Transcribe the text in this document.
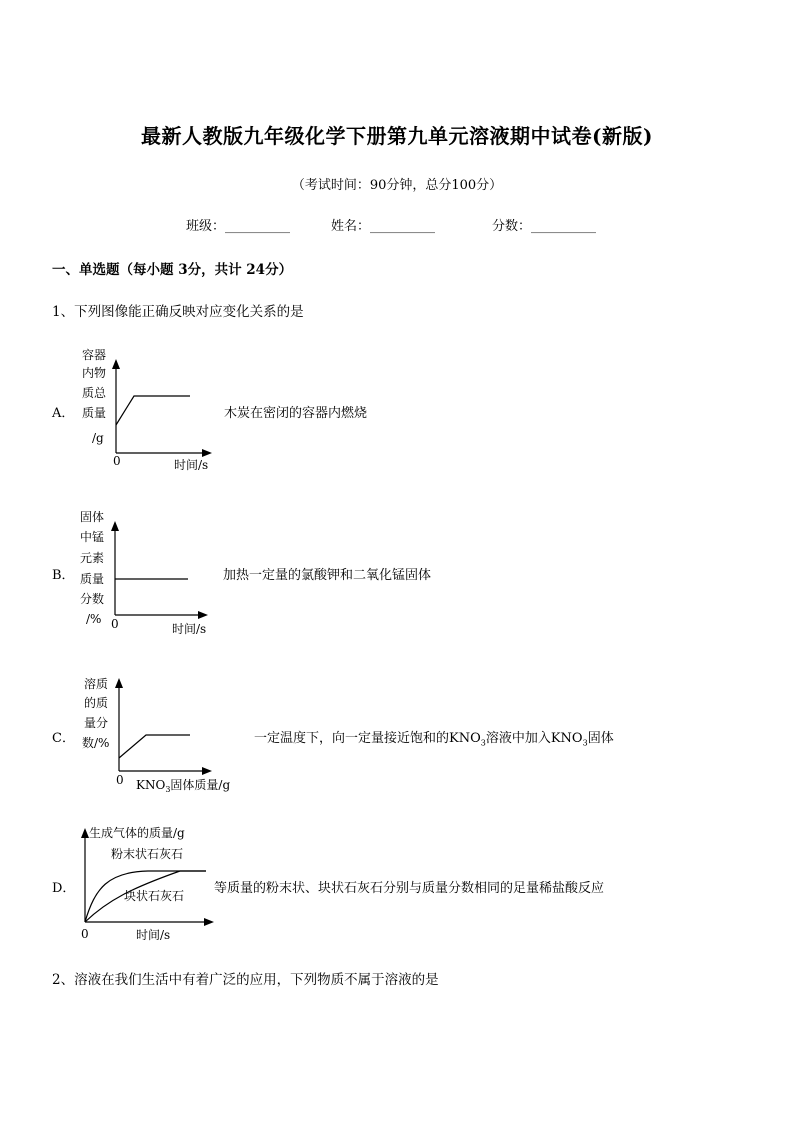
最新人教版九年级化学下册第九单元溶液期中试卷(新版)
（考试时间：90分钟，总分100分）
班级：__________	姓名：__________	分数：__________
一、单选题（每小题 3分，共计 24分）
1、下列图像能正确反映对应变化关系的是
A．
容器
内物
质总
质量
/g
0	时间/s
木炭在密闭的容器内燃烧
B．
固体
中锰
元素
质量
分数
/% 0	时间/s
加热一定量的氯酸钾和二氧化锰固体
C．
溶质
的质
量分
数/%
0 $KNO_3$固体质量/g
一定温度下，向一定量接近饱和的$KNO_3$溶液中加入$KNO_3$固体
D．
生成气体的质量/g
粉末状石灰石
块状石灰石
0	时间/s
等质量的粉末状、块状石灰石分别与质量分数相同的足量稀盐酸反应
2、溶液在我们生活中有着广泛的应用，下列物质不属于溶液的是
